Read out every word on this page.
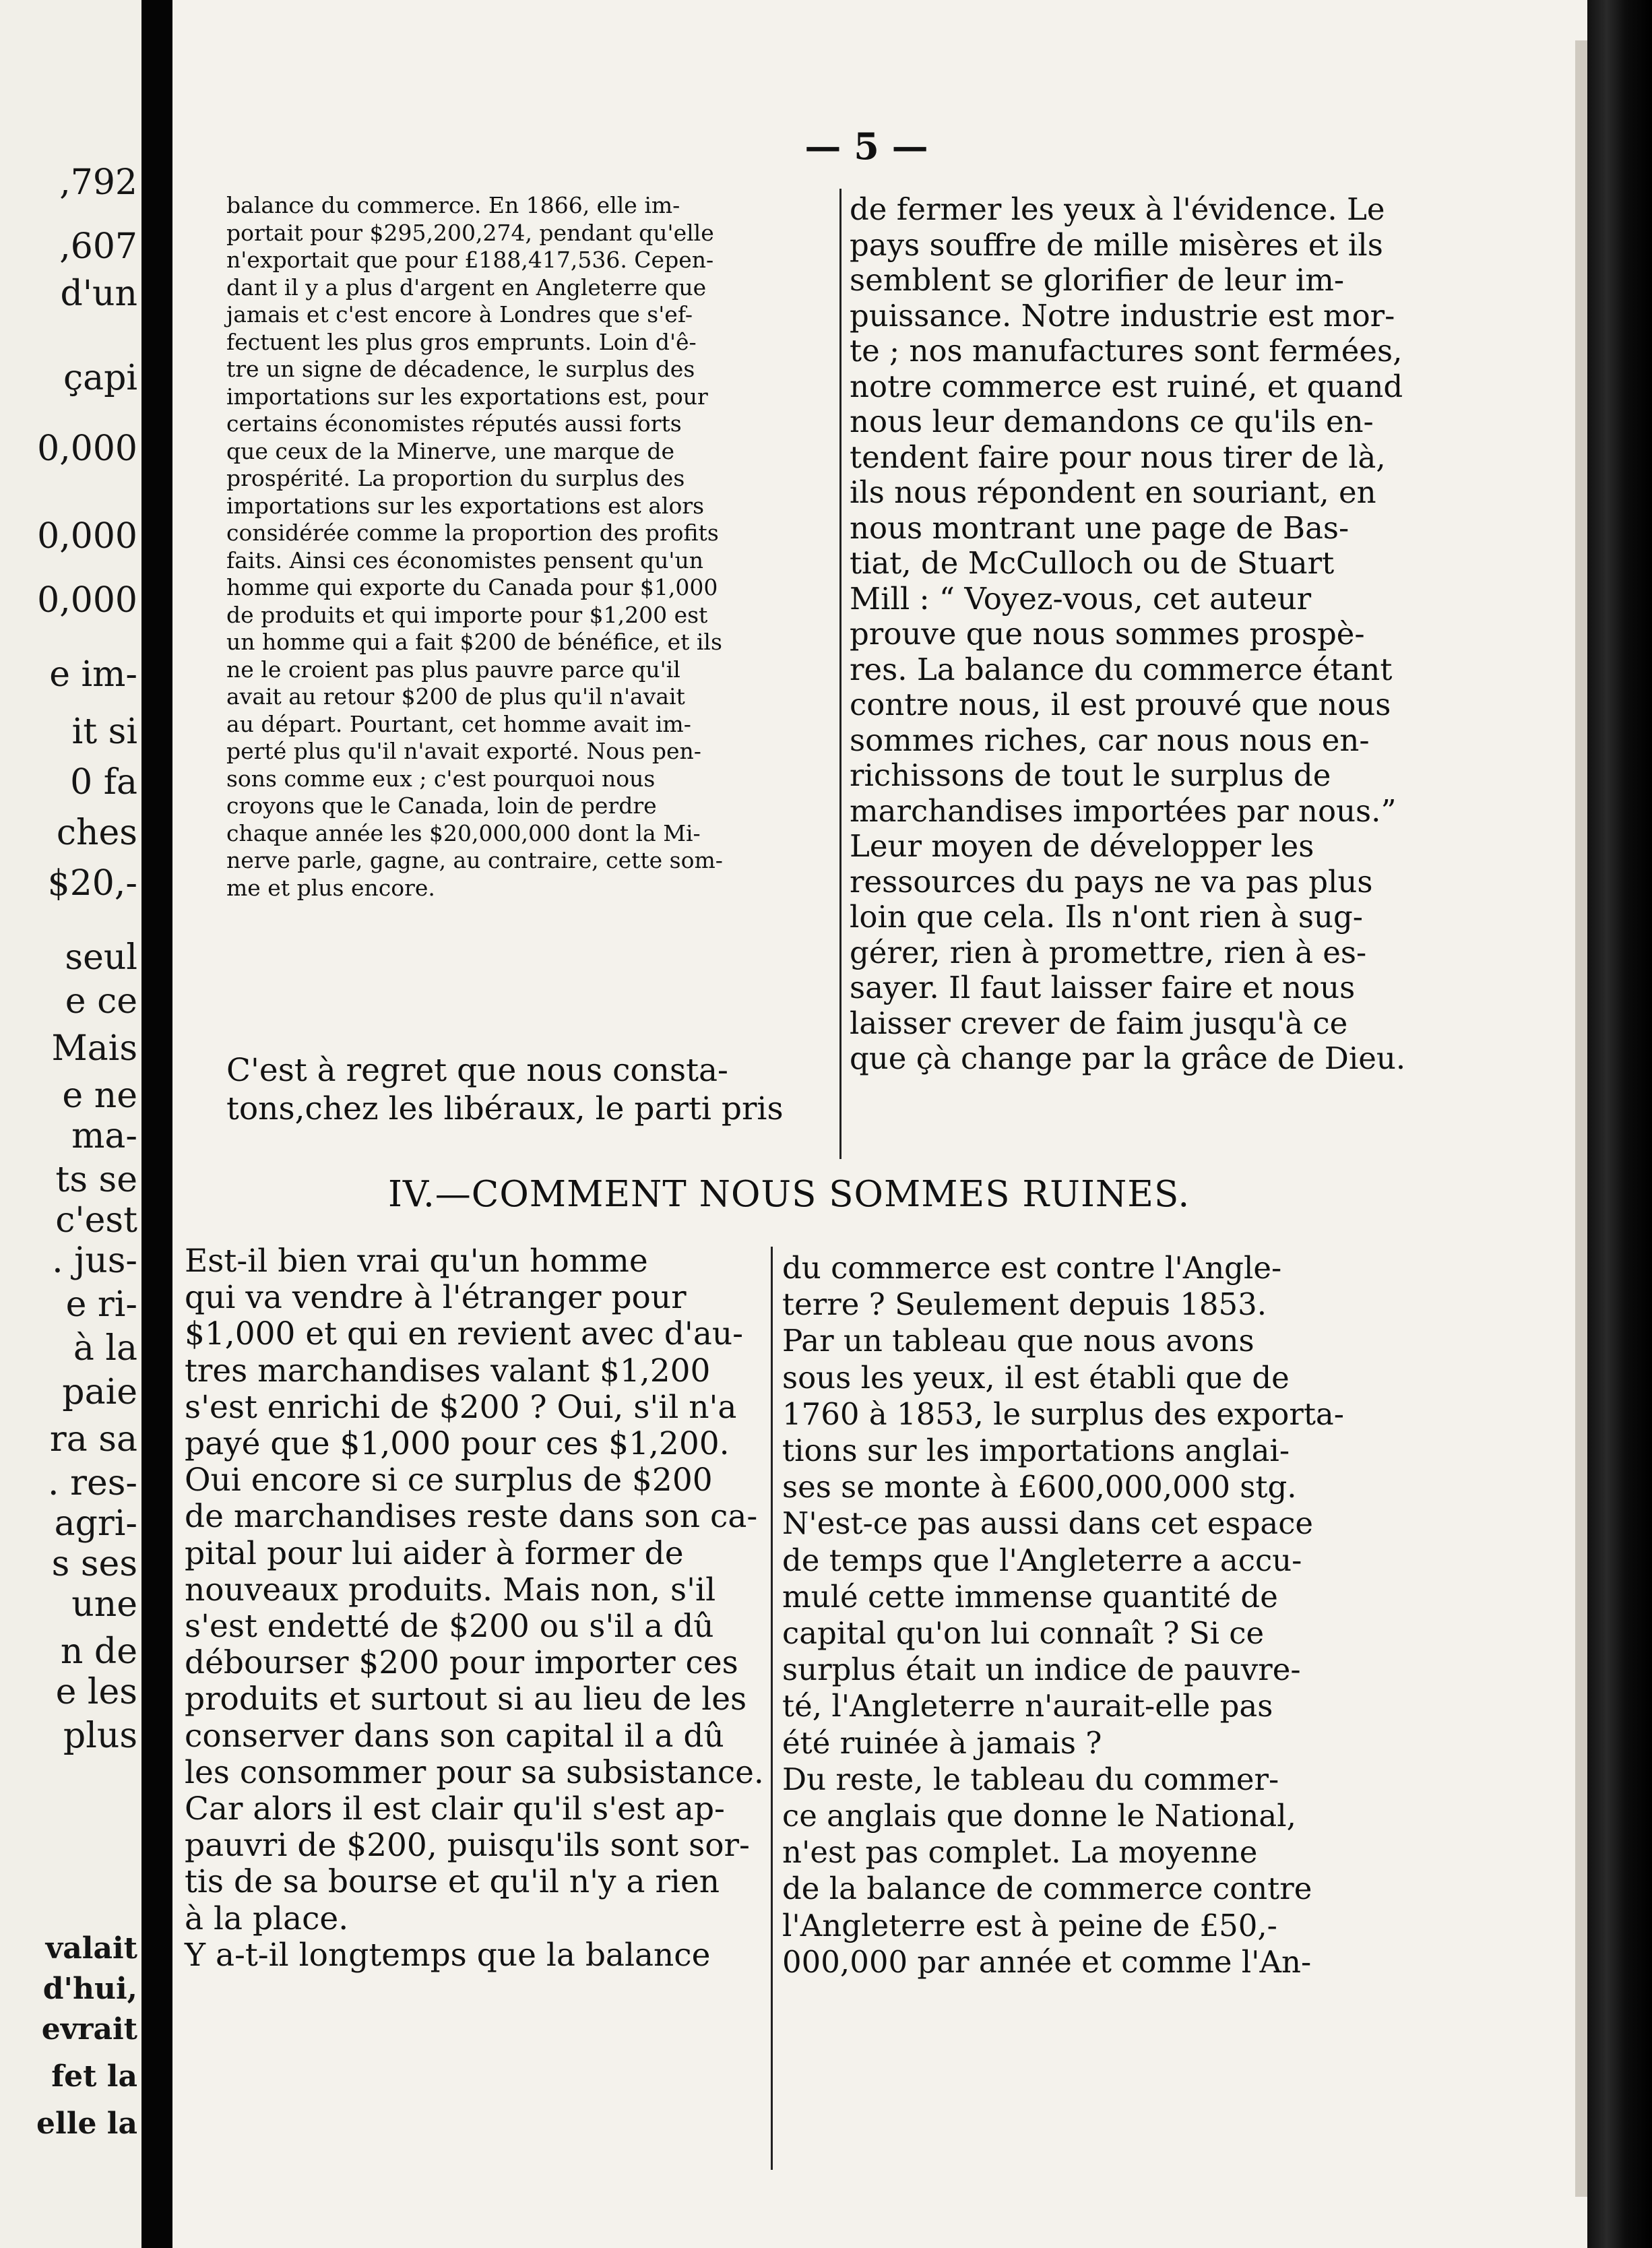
,792
,607
d'un
çapi
0,000
0,000
0,000
e im-
it si
0 fa
ches
$20,-
seul
e ce
Mais
e ne
ma-
ts se
c'est
. jus-
e ri-
à la
paie
ra sa
. res-
agri-
s ses
une
n de
e les
plus
valait
d'hui,
evrait
fet la
elle la
— 5 —
balance du commerce. En 1866, elle im-
portait pour $295,200,274, pendant qu'elle
n'exportait que pour £188,417,536. Cepen-
dant il y a plus d'argent en Angleterre que
jamais et c'est encore à Londres que s'ef-
fectuent les plus gros emprunts. Loin d'ê-
tre un signe de décadence, le surplus des
importations sur les exportations est, pour
certains économistes réputés aussi forts
que ceux de la Minerve, une marque de
prospérité. La proportion du surplus des
importations sur les exportations est alors
considérée comme la proportion des profits
faits. Ainsi ces économistes pensent qu'un
homme qui exporte du Canada pour $1,000
de produits et qui importe pour $1,200 est
un homme qui a fait $200 de bénéfice, et ils
ne le croient pas plus pauvre parce qu'il
avait au retour $200 de plus qu'il n'avait
au départ. Pourtant, cet homme avait im-
perté plus qu'il n'avait exporté. Nous pen-
sons comme eux ; c'est pourquoi nous
croyons que le Canada, loin de perdre
chaque année les $20,000,000 dont la Mi-
nerve parle, gagne, au contraire, cette som-
me et plus encore.
C'est à regret que nous consta-
tons,chez les libéraux, le parti pris
de fermer les yeux à l'évidence. Le
pays souffre de mille misères et ils
semblent se glorifier de leur im-
puissance. Notre industrie est mor-
te ; nos manufactures sont fermées,
notre commerce est ruiné, et quand
nous leur demandons ce qu'ils en-
tendent faire pour nous tirer de là,
ils nous répondent en souriant, en
nous montrant une page de Bas-
tiat, de McCulloch ou de Stuart
Mill : “ Voyez-vous, cet auteur
prouve que nous sommes prospè-
res. La balance du commerce étant
contre nous, il est prouvé que nous
sommes riches, car nous nous en-
richissons de tout le surplus de
marchandises importées par nous.”
Leur moyen de développer les
ressources du pays ne va pas plus
loin que cela. Ils n'ont rien à sug-
gérer, rien à promettre, rien à es-
sayer. Il faut laisser faire et nous
laisser crever de faim jusqu'à ce
que çà change par la grâce de Dieu.
IV.—COMMENT NOUS SOMMES RUINES.
Est-il bien vrai qu'un homme
qui va vendre à l'étranger pour
$1,000 et qui en revient avec d'au-
tres marchandises valant $1,200
s'est enrichi de $200 ? Oui, s'il n'a
payé que $1,000 pour ces $1,200.
Oui encore si ce surplus de $200
de marchandises reste dans son ca-
pital pour lui aider à former de
nouveaux produits. Mais non, s'il
s'est endetté de $200 ou s'il a dû
débourser $200 pour importer ces
produits et surtout si au lieu de les
conserver dans son capital il a dû
les consommer pour sa subsistance.
Car alors il est clair qu'il s'est ap-
pauvri de $200, puisqu'ils sont sor-
tis de sa bourse et qu'il n'y a rien
à la place.
Y a-t-il longtemps que la balance
du commerce est contre l'Angle-
terre ? Seulement depuis 1853.
Par un tableau que nous avons
sous les yeux, il est établi que de
1760 à 1853, le surplus des exporta-
tions sur les importations anglai-
ses se monte à £600,000,000 stg.
N'est-ce pas aussi dans cet espace
de temps que l'Angleterre a accu-
mulé cette immense quantité de
capital qu'on lui connaît ? Si ce
surplus était un indice de pauvre-
té, l'Angleterre n'aurait-elle pas
été ruinée à jamais ?
Du reste, le tableau du commer-
ce anglais que donne le National,
n'est pas complet. La moyenne
de la balance de commerce contre
l'Angleterre est à peine de £50,-
000,000 par année et comme l'An-
